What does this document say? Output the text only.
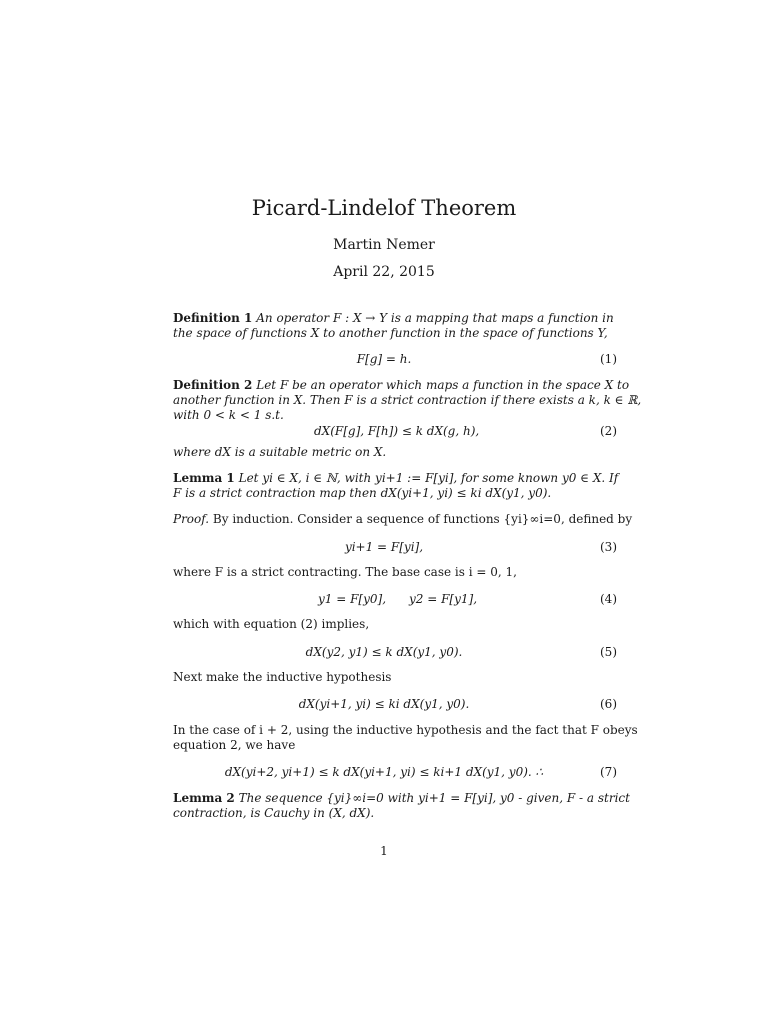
Picard-Lindelof Theorem
Martin Nemer
April 22, 2015
Definition 1 An operator F : X → Y is a mapping that maps a function in
the space of functions X to another function in the space of functions Y,
F[g] = h.	(1)
Definition 2 Let F be an operator which maps a function in the space X to
another function in X. Then F is a strict contraction if there exists a k, k ∈ ℝ,
with 0 < k < 1 s.t.
dX(F[g], F[h]) ≤ k dX(g, h),	(2)
where dX is a suitable metric on X.
Lemma 1 Let yi ∈ X, i ∈ ℕ, with yi+1 := F[yi], for some known y0 ∈ X. If
F is a strict contraction map then dX(yi+1, yi) ≤ ki dX(y1, y0).
Proof. By induction. Consider a sequence of functions {yi}∞i=0, defined by
yi+1 = F[yi],	(3)
where F is a strict contracting. The base case is i = 0, 1,
y1 = F[y0], y2 = F[y1],	(4)
which with equation (2) implies,
dX(y2, y1) ≤ k dX(y1, y0).	(5)
Next make the inductive hypothesis
dX(yi+1, yi) ≤ ki dX(y1, y0).	(6)
In the case of i + 2, using the inductive hypothesis and the fact that F obeys
equation 2, we have
dX(yi+2, yi+1) ≤ k dX(yi+1, yi) ≤ ki+1 dX(y1, y0). ∴	(7)
Lemma 2 The sequence {yi}∞i=0 with yi+1 = F[yi], y0 - given, F - a strict
contraction, is Cauchy in (X, dX).
1
